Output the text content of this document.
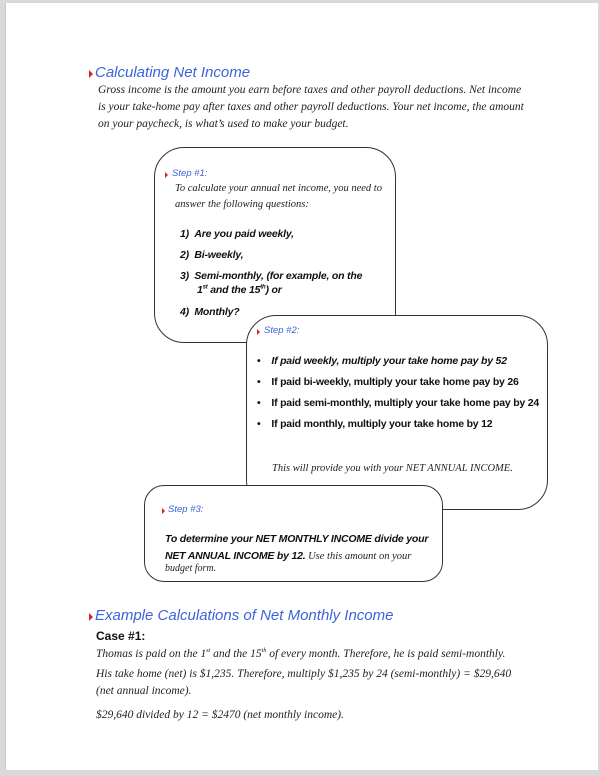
Calculating Net Income
Gross income is the amount you earn before taxes and other payroll deductions. Net income
is your take-home pay after taxes and other payroll deductions. Your net income, the amount
on your paycheck, is what’s used to make your budget.
Step #1:
To calculate your annual net income, you need to
answer the following questions:
1) Are you paid weekly,
2) Bi-weekly,
3) Semi-monthly, (for example, on the
1st and the 15th) or
4) Monthly?
Step #2:
•    If paid weekly, multiply your take home pay by 52
•    If paid bi-weekly, multiply your take home pay by 26
•    If paid semi-monthly, multiply your take home pay by 24
•    If paid monthly, multiply your take home by 12
This will provide you with your NET ANNUAL INCOME.
Step #3:
To determine your NET MONTHLY INCOME divide your
NET ANNUAL INCOME by 12. Use this amount on your
budget form.
Example Calculations of Net Monthly Income
Case #1:
Thomas is paid on the 1st and the 15th of every month. Therefore, he is paid semi-monthly.
His take home (net) is $1,235. Therefore, multiply $1,235 by 24 (semi-monthly) = $29,640
(net annual income).
$29,640 divided by 12 = $2470 (net monthly income).
